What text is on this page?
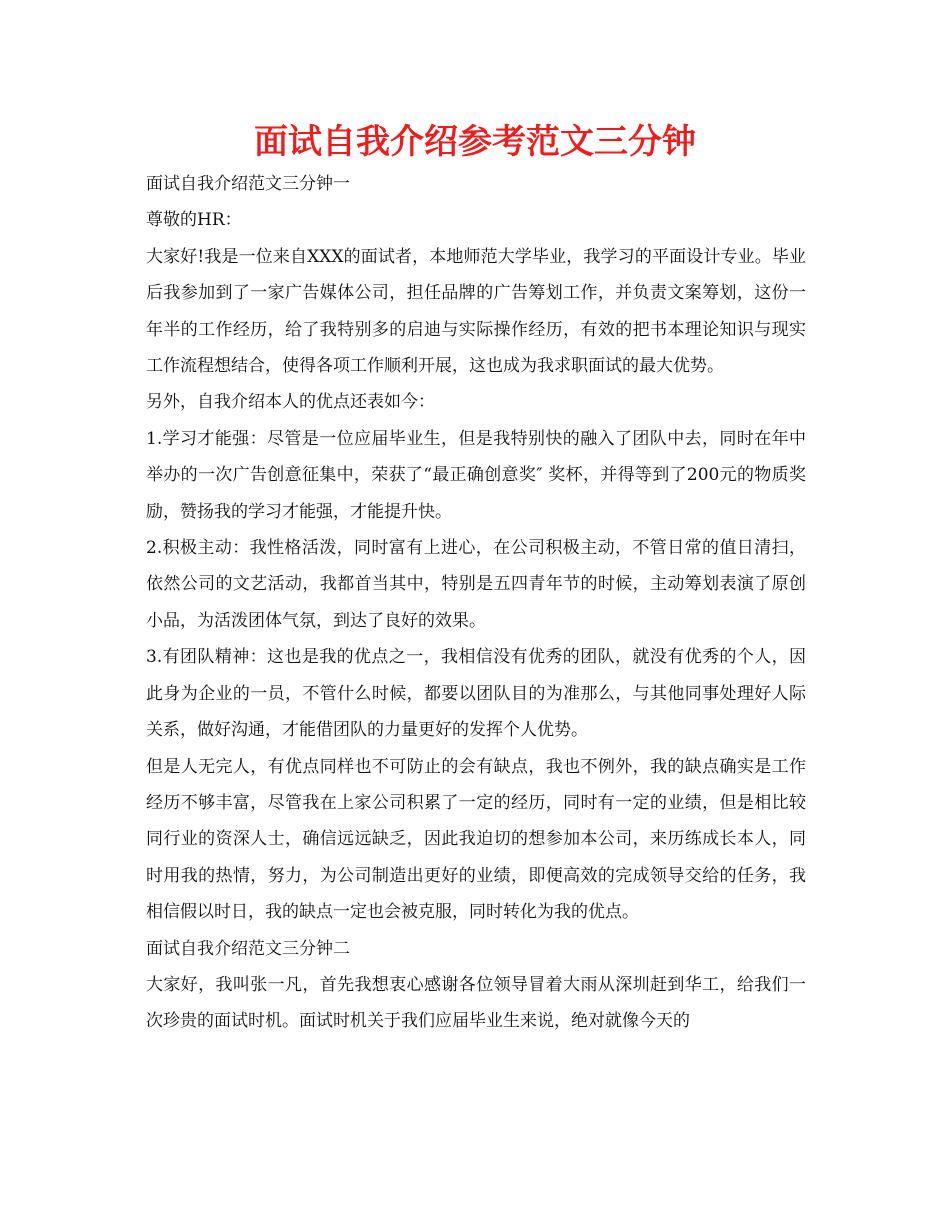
面试自我介绍参考范文三分钟

面试自我介绍范文三分钟一

尊敬的HR：

大家好!我是一位来自XXX的面试者，本地师范大学毕业，我学习的平面设计专业。毕业后我参加到了一家广告媒体公司，担任品牌的广告筹划工作，并负责文案筹划，这份一年半的工作经历，给了我特别多的启迪与实际操作经历，有效的把书本理论知识与现实工作流程想结合，使得各项工作顺利开展，这也成为我求职面试的最大优势。

另外，自我介绍本人的优点还表如今：

1.学习才能强：尽管是一位应届毕业生，但是我特别快的融入了团队中去，同时在年中举办的一次广告创意征集中，荣获了“最正确创意奖″ 奖杯，并得等到了200元的物质奖励，赞扬我的学习才能强，才能提升快。

2.积极主动：我性格活泼，同时富有上进心，在公司积极主动，不管日常的值日清扫，依然公司的文艺活动，我都首当其中，特别是五四青年节的时候，主动筹划表演了原创小品，为活泼团体气氛，到达了良好的效果。

3.有团队精神：这也是我的优点之一，我相信没有优秀的团队，就没有优秀的个人，因此身为企业的一员，不管什么时候，都要以团队目的为准那么，与其他同事处理好人际关系，做好沟通，才能借团队的力量更好的发挥个人优势。

但是人无完人，有优点同样也不可防止的会有缺点，我也不例外，我的缺点确实是工作经历不够丰富，尽管我在上家公司积累了一定的经历，同时有一定的业绩，但是相比较同行业的资深人士，确信远远缺乏，因此我迫切的想参加本公司，来历练成长本人，同时用我的热情，努力，为公司制造出更好的业绩，即便高效的完成领导交给的任务，我相信假以时日，我的缺点一定也会被克服，同时转化为我的优点。

面试自我介绍范文三分钟二

大家好，我叫张一凡，首先我想衷心感谢各位领导冒着大雨从深圳赶到华工，给我们一次珍贵的面试时机。面试时机关于我们应届毕业生来说，绝对就像今天的
